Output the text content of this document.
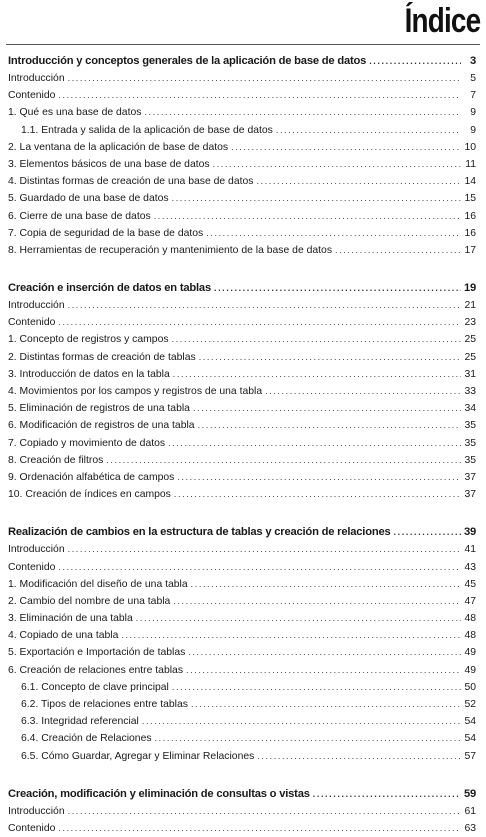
Índice
Introducción y conceptos generales de la aplicación de base de datos .....	3
Introducción .....	5
Contenido .....	7
1. Qué es una base de datos .....	9
1.1. Entrada y salida de la aplicación de base de datos .....	9
2. La ventana de la aplicación de base de datos .....	10
3. Elementos básicos de una base de datos .....	11
4. Distintas formas de creación de una base de datos .....	14
5. Guardado de una base de datos .....	15
6. Cierre de una base de datos .....	16
7. Copia de seguridad de la base de datos .....	16
8. Herramientas de recuperación y mantenimiento de la base de datos .....	17
Creación e inserción de datos en tablas .....	19
Introducción .....	21
Contenido .....	23
1. Concepto de registros y campos .....	25
2. Distintas formas de creación de tablas .....	25
3. Introducción de datos en la tabla .....	31
4. Movimientos por los campos y registros de una tabla .....	33
5. Eliminación de registros de una tabla .....	34
6. Modificación de registros de una tabla .....	35
7. Copiado y movimiento de datos .....	35
8. Creación de filtros .....	35
9. Ordenación alfabética de campos .....	37
10. Creación de índices en campos .....	37
Realización de cambios en la estructura de tablas y creación de relaciones .....	39
Introducción .....	41
Contenido .....	43
1. Modificación del diseño de una tabla .....	45
2. Cambio del nombre de una tabla .....	47
3. Eliminación de una tabla .....	48
4. Copiado de una tabla .....	48
5. Exportación e Importación de tablas .....	49
6. Creación de relaciones entre tablas .....	49
6.1. Concepto de clave principal .....	50
6.2. Tipos de relaciones entre tablas .....	52
6.3. Integridad referencial .....	54
6.4. Creación de Relaciones .....	54
6.5. Cómo Guardar, Agregar y Eliminar Relaciones .....	57
Creación, modificación y eliminación de consultas o vistas .....	59
Introducción .....	61
Contenido .....	63
